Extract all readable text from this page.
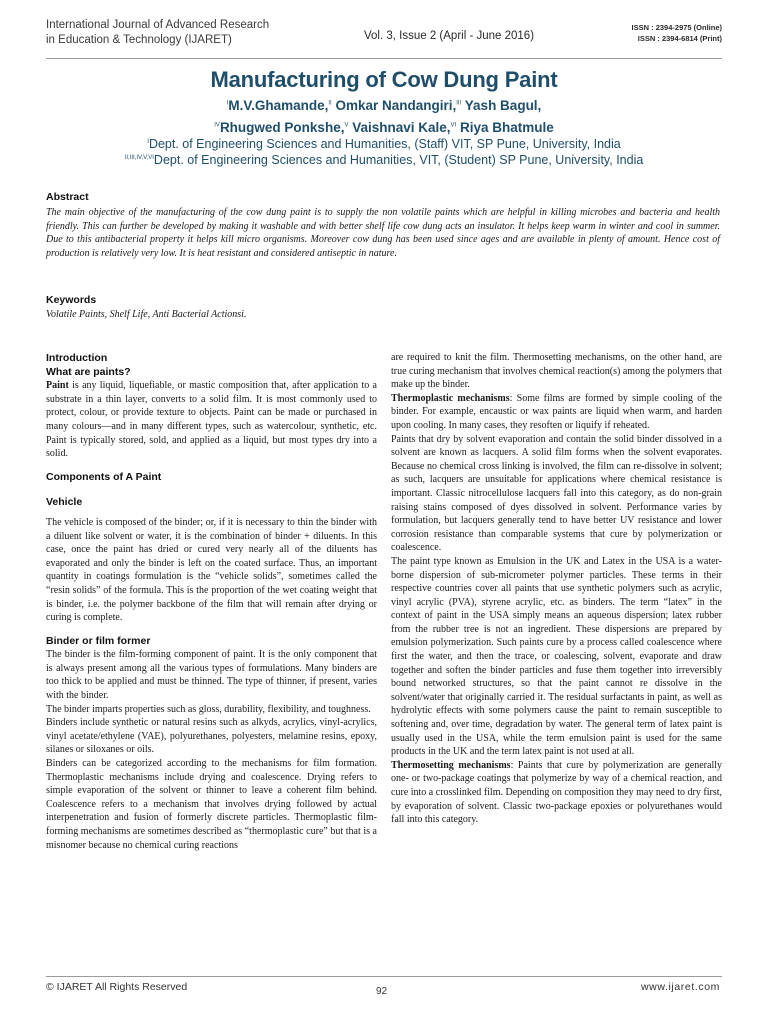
International Journal of Advanced Research
in Education & Technology (IJARET)	Vol. 3, Issue 2 (April - June 2016)
ISSN : 2394-2975 (Online)
ISSN : 2394-6814 (Print)
Manufacturing of Cow Dung Paint
$^I$M.V.Ghamande,$^{II}$ Omkar Nandangiri,$^{III}$ Yash Bagul,
$^{IV}$Rhugwed Ponkshe,$^V$ Vaishnavi Kale,$^{VI}$ Riya Bhatmule
$^I$Dept. of Engineering Sciences and Humanities, (Staff) VIT, SP Pune, University, India
$^{II,III,IV,V,VI}$Dept. of Engineering Sciences and Humanities, VIT, (Student) SP Pune, University, India
Abstract
The main objective of the manufacturing of the cow dung paint is to supply the non volatile paints which are helpful in killing microbes and bacteria and health friendly. This can further be developed by making it washable and with better shelf life cow dung acts an insulator. It helps keep warm in winter and cool in summer. Due to this antibacterial property it helps kill micro organisms. Moreover cow dung has been used since ages and are available in plenty of amount. Hence cost of production is relatively very low. It is heat resistant and considered antiseptic in nature.
Keywords
Volatile Paints, Shelf Life, Anti Bacterial Actionsi.

Introduction

What are paints?

Paint is any liquid, liquefiable, or mastic composition that, after application to a substrate in a thin layer, converts to a solid film. It is most commonly used to protect, colour, or provide texture to objects. Paint can be made or purchased in many colours—and in many different types, such as watercolour, synthetic, etc. Paint is typically stored, sold, and applied as a liquid, but most types dry into a solid.

Components of A Paint

Vehicle

The vehicle is composed of the binder; or, if it is necessary to thin the binder with a diluent like solvent or water, it is the combination of binder + diluents. In this case, once the paint has dried or cured very nearly all of the diluents has evaporated and only the binder is left on the coated surface. Thus, an important quantity in coatings formulation is the “vehicle solids”, sometimes called the “resin solids” of the formula. This is the proportion of the wet coating weight that is binder, i.e. the polymer backbone of the film that will remain after drying or curing is complete.

Binder or film former

The binder is the film-forming component of paint. It is the only component that is always present among all the various types of formulations. Many binders are too thick to be applied and must be thinned. The type of thinner, if present, varies with the binder.

The binder imparts properties such as gloss, durability, flexibility, and toughness.

Binders include synthetic or natural resins such as alkyds, acrylics, vinyl-acrylics, vinyl acetate/ethylene (VAE), polyurethanes, polyesters, melamine resins, epoxy, silanes or siloxanes or oils.

Binders can be categorized according to the mechanisms for film formation. Thermoplastic mechanisms include drying and coalescence. Drying refers to simple evaporation of the solvent or thinner to leave a coherent film behind. Coalescence refers to a mechanism that involves drying followed by actual interpenetration and fusion of formerly discrete particles. Thermoplastic film-forming mechanisms are sometimes described as “thermoplastic cure” but that is a misnomer because no chemical curing reactions

are required to knit the film. Thermosetting mechanisms, on the other hand, are true curing mechanism that involves chemical reaction(s) among the polymers that make up the binder.

Thermoplastic mechanisms: Some films are formed by simple cooling of the binder. For example, encaustic or wax paints are liquid when warm, and harden upon cooling. In many cases, they resoften or liquify if reheated.

Paints that dry by solvent evaporation and contain the solid binder dissolved in a solvent are known as lacquers. A solid film forms when the solvent evaporates. Because no chemical cross linking is involved, the film can re-dissolve in solvent; as such, lacquers are unsuitable for applications where chemical resistance is important. Classic nitrocellulose lacquers fall into this category, as do non-grain raising stains composed of dyes dissolved in solvent. Performance varies by formulation, but lacquers generally tend to have better UV resistance and lower corrosion resistance than comparable systems that cure by polymerization or coalescence.

The paint type known as Emulsion in the UK and Latex in the USA is a water-borne dispersion of sub-micrometer polymer particles. These terms in their respective countries cover all paints that use synthetic polymers such as acrylic, vinyl acrylic (PVA), styrene acrylic, etc. as binders. The term “latex” in the context of paint in the USA simply means an aqueous dispersion; latex rubber from the rubber tree is not an ingredient. These dispersions are prepared by emulsion polymerization. Such paints cure by a process called coalescence where first the water, and then the trace, or coalescing, solvent, evaporate and draw together and soften the binder particles and fuse them together into irreversibly bound networked structures, so that the paint cannot re dissolve in the solvent/water that originally carried it. The residual surfactants in paint, as well as hydrolytic effects with some polymers cause the paint to remain susceptible to softening and, over time, degradation by water. The general term of latex paint is usually used in the USA, while the term emulsion paint is used for the same products in the UK and the term latex paint is not used at all.

Thermosetting mechanisms: Paints that cure by polymerization are generally one- or two-package coatings that polymerize by way of a chemical reaction, and cure into a crosslinked film. Depending on composition they may need to dry first, by evaporation of solvent. Classic two-package epoxies or polyurethanes would fall into this category.

© IJARET All Rights Reserved	92	www.ijaret.com
